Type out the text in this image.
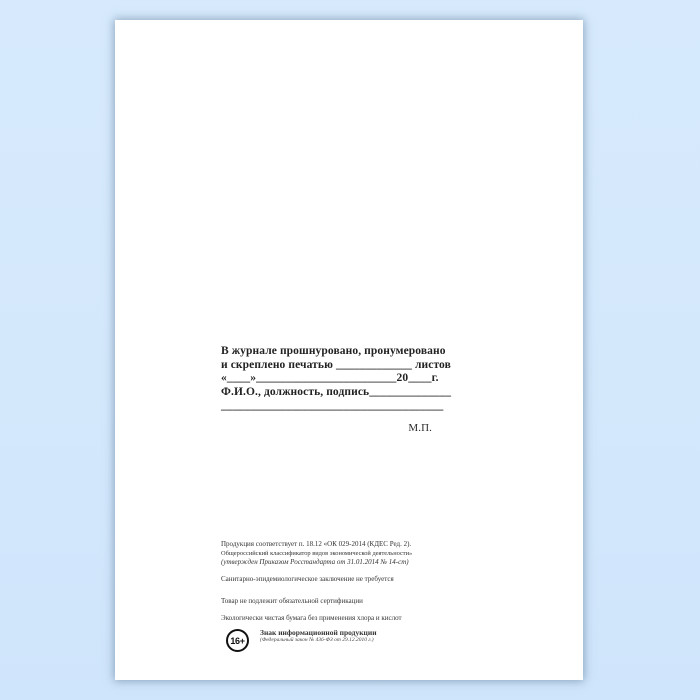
В журнале прошнуровано, пронумеровано
и скреплено печатью _____________ листов
«____»________________________20____г.
Ф.И.О., должность, подпись______________
______________________________________
М.П.
Продукция соответствует п. 18.12 «ОК 029-2014 (КДЕС Ред. 2).
Общероссийский классификатор видов экономической деятельности»
(утвержден Приказом Росстандарта от 31.01.2014 № 14-ст)
Санитарно-эпидемиологическое заключение не требуется
Товар не подлежит обязательной сертификации
Экологически чистая бумага без применения хлора и кислот
16+
Знак информационной продукции
(Федеральный закон № 436-ФЗ от 29.12.2010 г.)
